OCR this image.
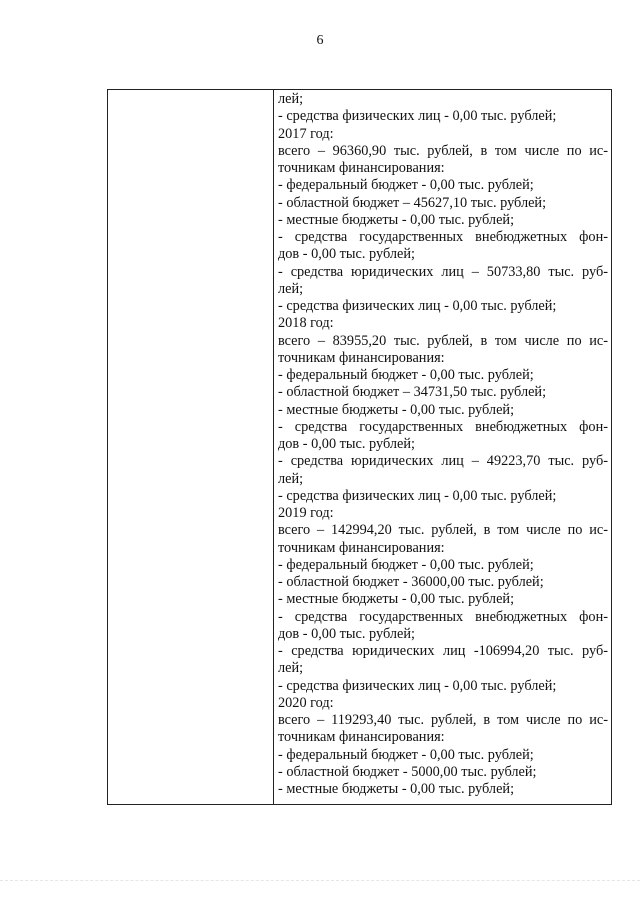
6
лей;
- средства физических лиц - 0,00 тыс. рублей;
2017 год:
всего – 96360,90 тыс. рублей, в том числе по ис-
точникам финансирования:
- федеральный бюджет - 0,00 тыс. рублей;
- областной бюджет – 45627,10 тыс. рублей;
- местные бюджеты - 0,00 тыс. рублей;
- средства государственных внебюджетных фон-
дов - 0,00 тыс. рублей;
- средства юридических лиц – 50733,80 тыс. руб-
лей;
- средства физических лиц - 0,00 тыс. рублей;
2018 год:
всего – 83955,20 тыс. рублей, в том числе по ис-
точникам финансирования:
- федеральный бюджет - 0,00 тыс. рублей;
- областной бюджет – 34731,50 тыс. рублей;
- местные бюджеты - 0,00 тыс. рублей;
- средства государственных внебюджетных фон-
дов - 0,00 тыс. рублей;
- средства юридических лиц – 49223,70 тыс. руб-
лей;
- средства физических лиц - 0,00 тыс. рублей;
2019 год:
всего – 142994,20 тыс. рублей, в том числе по ис-
точникам финансирования:
- федеральный бюджет - 0,00 тыс. рублей;
- областной бюджет - 36000,00 тыс. рублей;
- местные бюджеты - 0,00 тыс. рублей;
- средства государственных внебюджетных фон-
дов - 0,00 тыс. рублей;
- средства юридических лиц -106994,20 тыс. руб-
лей;
- средства физических лиц - 0,00 тыс. рублей;
2020 год:
всего – 119293,40 тыс. рублей, в том числе по ис-
точникам финансирования:
- федеральный бюджет - 0,00 тыс. рублей;
- областной бюджет - 5000,00 тыс. рублей;
- местные бюджеты - 0,00 тыс. рублей;
